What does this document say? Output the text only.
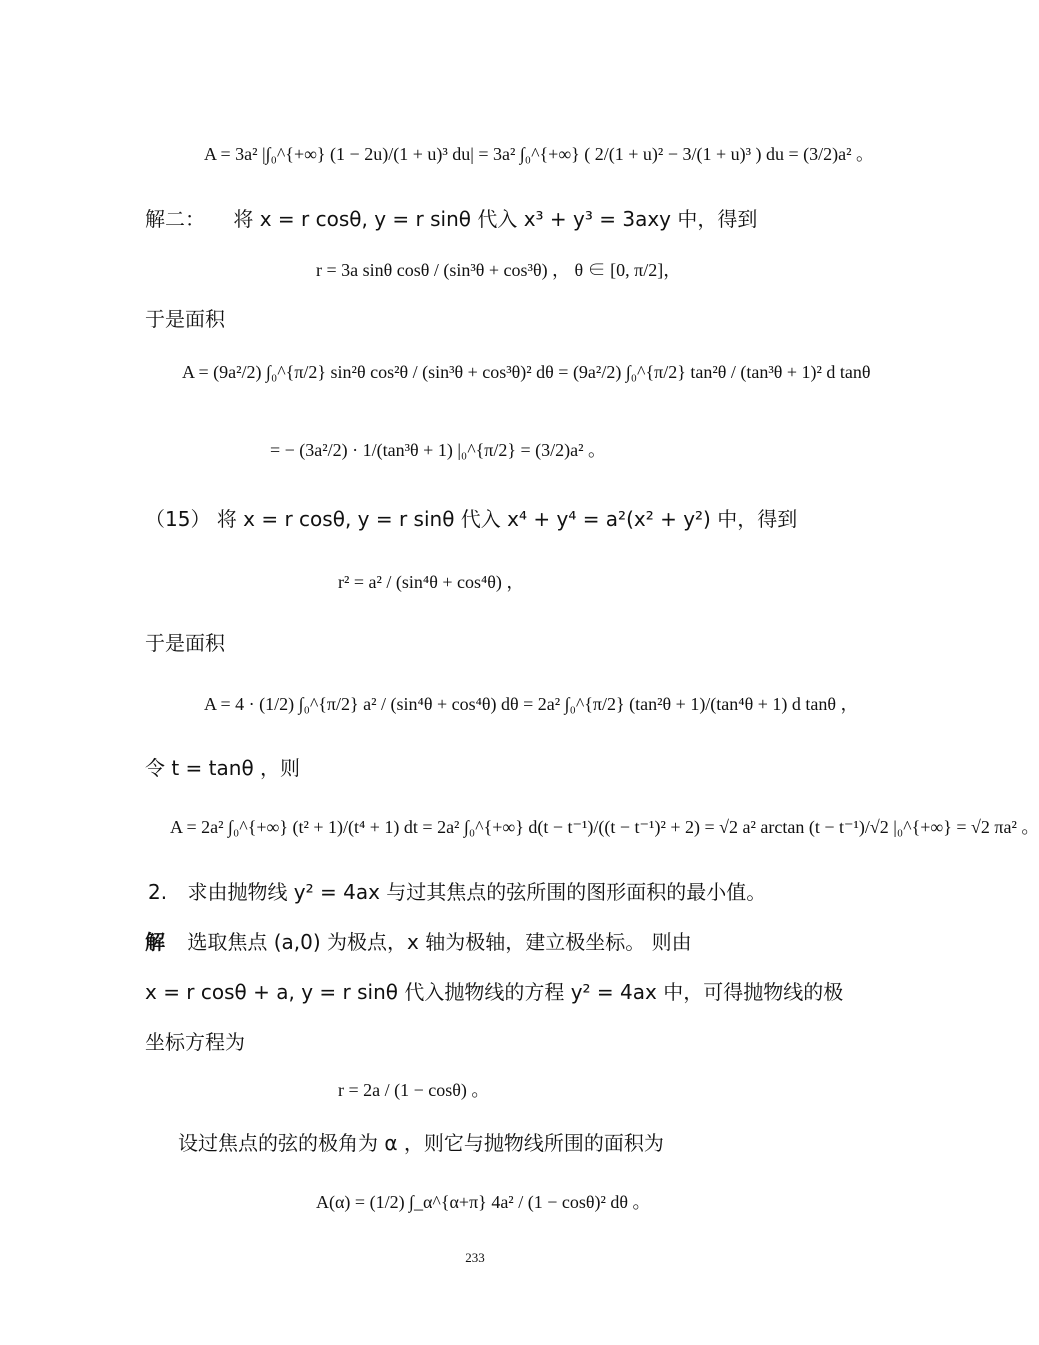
A = 3a² |∫₀^{+∞} (1 − 2u)/(1 + u)³ du| = 3a² ∫₀^{+∞} ( 2/(1 + u)² − 3/(1 + u)³ ) du = (3/2)a² 。
解二： 将 x = r cosθ, y = r sinθ 代入 x³ + y³ = 3axy 中，得到
r = 3a sinθ cosθ / (sin³θ + cos³θ) ， θ ∈ [0, π/2]，
于是面积
A = (9a²/2) ∫₀^{π/2} sin²θ cos²θ / (sin³θ + cos³θ)² dθ = (9a²/2) ∫₀^{π/2} tan²θ / (tan³θ + 1)² d tanθ
= − (3a²/2) · 1/(tan³θ + 1) |₀^{π/2} = (3/2)a² 。
（15） 将 x = r cosθ, y = r sinθ 代入 x⁴ + y⁴ = a²(x² + y²) 中，得到
r² = a² / (sin⁴θ + cos⁴θ) ，
于是面积
A = 4 · (1/2) ∫₀^{π/2} a² / (sin⁴θ + cos⁴θ) dθ = 2a² ∫₀^{π/2} (tan²θ + 1)/(tan⁴θ + 1) d tanθ ，
令 t = tanθ ，则
A = 2a² ∫₀^{+∞} (t² + 1)/(t⁴ + 1) dt = 2a² ∫₀^{+∞} d(t − t⁻¹)/((t − t⁻¹)² + 2) = √2 a² arctan (t − t⁻¹)/√2 |₀^{+∞} = √2 πa² 。
2. 求由抛物线 y² = 4ax 与过其焦点的弦所围的图形面积的最小值。
解 选取焦点 (a,0) 为极点，x 轴为极轴，建立极坐标。 则由
x = r cosθ + a, y = r sinθ 代入抛物线的方程 y² = 4ax 中，可得抛物线的极
坐标方程为
r = 2a / (1 − cosθ) 。
设过焦点的弦的极角为 α ，则它与抛物线所围的面积为
A(α) = (1/2) ∫_α^{α+π} 4a² / (1 − cosθ)² dθ 。
233
